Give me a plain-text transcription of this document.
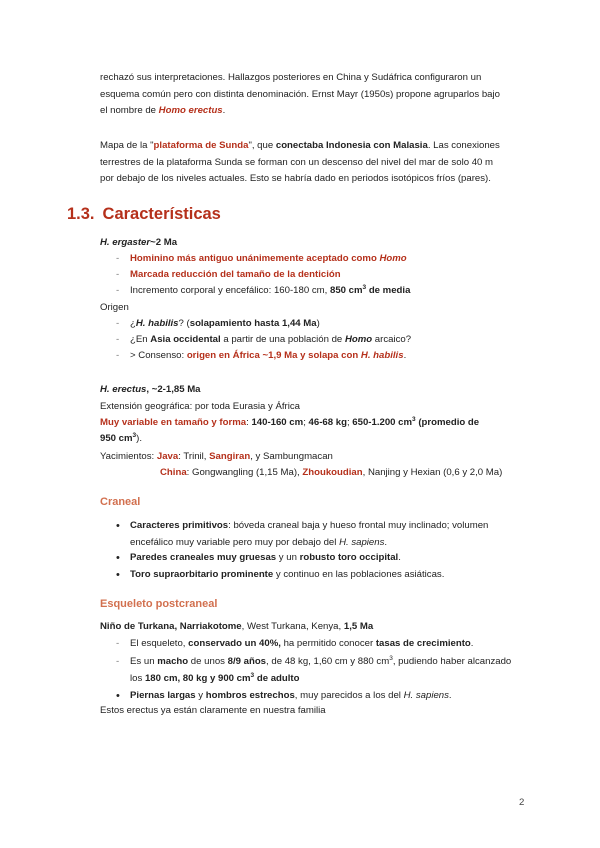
rechazó sus interpretaciones. Hallazgos posteriores en China y Sudáfrica configuraron un
esquema común pero con distinta denominación. Ernst Mayr (1950s) propone agruparlos bajo
el nombre de Homo erectus.
Mapa de la "plataforma de Sunda", que conectaba Indonesia con Malasia. Las conexiones
terrestres de la plataforma Sunda se forman con un descenso del nivel del mar de solo 40 m
por debajo de los niveles actuales. Esto se habría dado en periodos isotópicos fríos (pares).
1.3. Características
H. ergaster~2 Ma
- Hominino más antiguo unánimemente aceptado como Homo
- Marcada reducción del tamaño de la dentición
- Incremento corporal y encefálico: 160-180 cm, 850 $cm^3$ de media
Origen
- ¿H. habilis? (solapamiento hasta 1,44 Ma)
- ¿En Asia occidental a partir de una población de Homo arcaico?
- > Consenso: origen en África ~1,9 Ma y solapa con H. habilis.
H. erectus, ~2-1,85 Ma
Extensión geográfica: por toda Eurasia y África
Muy variable en tamaño y forma: 140-160 cm; 46-68 kg; 650-1.200 $cm^3$ (promedio de
950 $cm^3$).
Yacimientos: Java: Trinil, Sangiran, y Sambungmacan
China: Gongwangling (1,15 Ma), Zhoukoudian, Nanjing y Hexian (0,6 y 2,0 Ma)
Craneal
• Caracteres primitivos: bóveda craneal baja y hueso frontal muy inclinado; volumen
encefálico muy variable pero muy por debajo del H. sapiens.
• Paredes craneales muy gruesas y un robusto toro occipital.
• Toro supraorbitario prominente y continuo en las poblaciones asiáticas.
Esqueleto postcraneal
Niño de Turkana, Narriakotome, West Turkana, Kenya, 1,5 Ma
- El esqueleto, conservado un 40%, ha permitido conocer tasas de crecimiento.
- Es un macho de unos 8/9 años, de 48 kg, 1,60 cm y 880 $cm^3$, pudiendo haber alcanzado
los 180 cm, 80 kg y 900 $cm^3$ de adulto
• Piernas largas y hombros estrechos, muy parecidos a los del H. sapiens.
Estos erectus ya están claramente en nuestra familia
2
